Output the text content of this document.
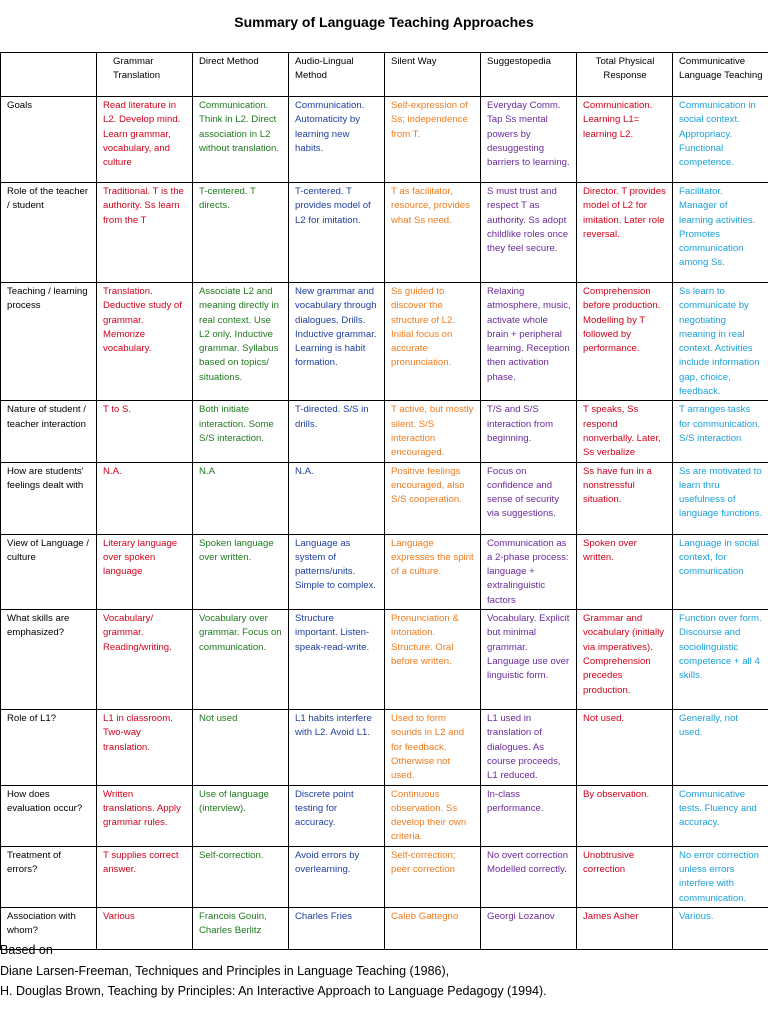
Summary of Language Teaching Approaches
	Grammar Translation	Direct Method	Audio-Lingual Method	Silent Way	Suggestopedia	Total Physical Response	Communicative Language Teaching
Goals	Read literature in L2. Develop mind. Learn grammar, vocabulary, and culture	Communication. Think in L2. Direct association in L2 without translation.	Communication. Automaticity by learning new habits.	Self-expression of Ss; independence from T.	Everyday Comm. Tap Ss mental powers by desuggesting barriers to learning.	Communication. Learning L1= learning L2.	Communication in social context. Appropriacy. Functional competence.
Role of the teacher / student	Traditional. T is the authority. Ss learn from the T	T-centered. T directs.	T-centered. T provides model of L2 for imitation.	T as facilitator, resource, provides what Ss need.	S must trust and respect T as authority. Ss adopt childlike roles once they feel secure.	Director. T provides model of L2 for imitation. Later role reversal.	Facilitator. Manager of learning activities. Promotes communication among Ss.
Teaching / learning process	Translation. Deductive study of grammar. Memorize vocabulary.	Associate L2 and meaning directly in real context. Use L2 only. Inductive grammar. Syllabus based on topics/ situations.	New grammar and vocabulary through dialogues. Drills. Inductive grammar. Learning is habit formation.	Ss guided to discover the structure of L2. Initial focus on accurate pronunciation.	Relaxing atmosphere, music, activate whole brain + peripheral learning. Reception then activation phase.	Comprehension before production. Modelling by T followed by performance.	Ss learn to communicate by negotiating meaning in real context. Activities include information gap, choice, feedback.
Nature of student / teacher interaction	T to S.	Both initiate interaction. Some S/S interaction.	T-directed. S/S in drills.	T active, but mostly silent. S/S interaction encouraged.	T/S and S/S interaction from beginning.	T speaks, Ss respond nonverbally. Later, Ss verbalize	T arranges tasks for communication. S/S interaction
How are students' feelings dealt with	N.A.	N.A	N.A.	Positive feelings encouraged, also S/S cooperation.	Focus on confidence and sense of security via suggestions.	Ss have fun in a nonstressful situation.	Ss are motivated to learn thru usefulness of language functions.
View of Language / culture	Literary language over spoken language	Spoken language over written.	Language as system of patterns/units. Simple to complex.	Language expresses the spirit of a culture.	Communication as a 2-phase process: language + extralinguistic factors	Spoken over written.	Language in social context, for communication
What skills are emphasized?	Vocabulary/ grammar. Reading/writing.	Vocabulary over grammar. Focus on communication.	Structure important. Listen-speak-read-write.	Pronunciation & intonation. Structure. Oral before written.	Vocabulary. Explicit but minimal grammar. Language use over linguistic form.	Grammar and vocabulary (initially via imperatives). Comprehension precedes production.	Function over form. Discourse and sociolinguistic competence + all 4 skills.
Role of L1?	L1 in classroom. Two-way translation.	Not used	L1 habits interfere with L2. Avoid L1.	Used to form sounds in L2 and for feedback. Otherwise not used.	L1 used in translation of dialogues. As course proceeds, L1 reduced.	Not used.	Generally, not used.
How does evaluation occur?	Written translations. Apply grammar rules.	Use of language (interview).	Discrete point testing for accuracy.	Continuous observation. Ss develop their own criteria.	In-class performance.	By observation.	Communicative tests. Fluency and accuracy.
Treatment of errors?	T supplies correct answer.	Self-correction.	Avoid errors by overlearning.	Self-correction; peer correction	No overt correction Modelled correctly.	Unobtrusive correction	No error correction unless errors interfere with communication.
Association with whom?	Various	Francois Gouin, Charles Berlitz	Charles Fries	Caleb Gattegno	Georgi Lozanov	James Asher	Various.
Based on
Diane Larsen-Freeman, Techniques and Principles in Language Teaching (1986),
H. Douglas Brown, Teaching by Principles: An Interactive Approach to Language Pedagogy (1994).
